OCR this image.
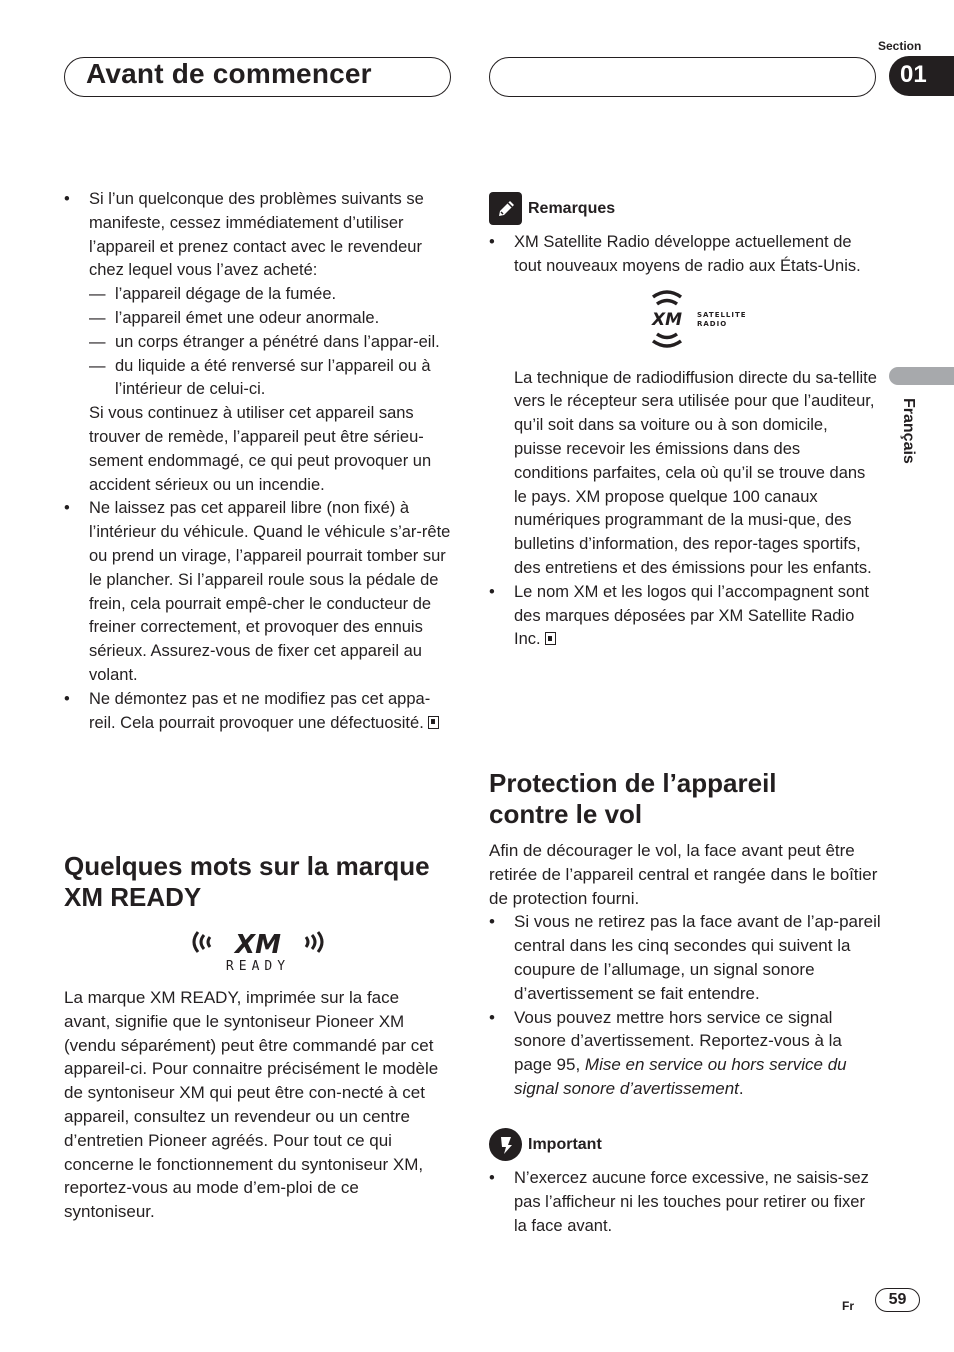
Avant de commencer
Section
01
Français
• Si l’un quelconque des problèmes suivants se manifeste, cessez immédiatement d’utiliser l’appareil et prenez contact avec le revendeur chez lequel vous l’avez acheté:

— l’appareil dégage de la fumée.

— l’appareil émet une odeur anormale.

— un corps étranger a pénétré dans l’appar-eil.

— du liquide a été renversé sur l’appareil ou à l’intérieur de celui-ci.

Si vous continuez à utiliser cet appareil sans trouver de remède, l’appareil peut être sérieu-sement endommagé, ce qui peut provoquer un accident sérieux ou un incendie.

• Ne laissez pas cet appareil libre (non fixé) à l’intérieur du véhicule. Quand le véhicule s’ar-rête ou prend un virage, l’appareil pourrait tomber sur le plancher. Si l’appareil roule sous la pédale de frein, cela pourrait empê-cher le conducteur de freiner correctement, et provoquer des ennuis sérieux. Assurez-vous de fixer cet appareil au volant.

• Ne démontez pas et ne modifiez pas cet appa-reil. Cela pourrait provoquer une défectuosité.

Quelques mots sur la marque XM READY
XM
READY

La marque XM READY, imprimée sur la face avant, signifie que le syntoniseur Pioneer XM (vendu séparément) peut être commandé par cet appareil-ci. Pour connaitre précisément le modèle de syntoniseur XM qui peut être con-necté à cet appareil, consultez un revendeur ou un centre d’entretien Pioneer agréés. Pour tout ce qui concerne le fonctionnement du syntoniseur XM, reportez-vous au mode d’em-ploi de ce syntoniseur.

Remarques
• XM Satellite Radio développe actuellement de tout nouveaux moyens de radio aux États-Unis.

XM SATELLITE
RADIO

La technique de radiodiffusion directe du sa-tellite vers le récepteur sera utilisée pour que l’auditeur, qu’il soit dans sa voiture ou à son domicile, puisse recevoir les émissions dans des conditions parfaites, cela où qu’il se trouve dans le pays. XM propose quelque 100 canaux numériques programmant de la musi-que, des bulletins d’information, des repor-tages sportifs, des entretiens et des émissions pour les enfants.

• Le nom XM et les logos qui l’accompagnent sont des marques déposées par XM Satellite Radio Inc.

Protection de l’appareil contre le vol

Afin de décourager le vol, la face avant peut être retirée de l’appareil central et rangée dans le boîtier de protection fourni.

• Si vous ne retirez pas la face avant de l’ap-pareil central dans les cinq secondes qui suivent la coupure de l’allumage, un signal sonore d’avertissement se fait entendre.

• Vous pouvez mettre hors service ce signal sonore d’avertissement. Reportez-vous à la page 95, Mise en service ou hors service du signal sonore d’avertissement.

Important
• N’exercez aucune force excessive, ne saisis-sez pas l’afficheur ni les touches pour retirer ou fixer la face avant.

Fr	59
